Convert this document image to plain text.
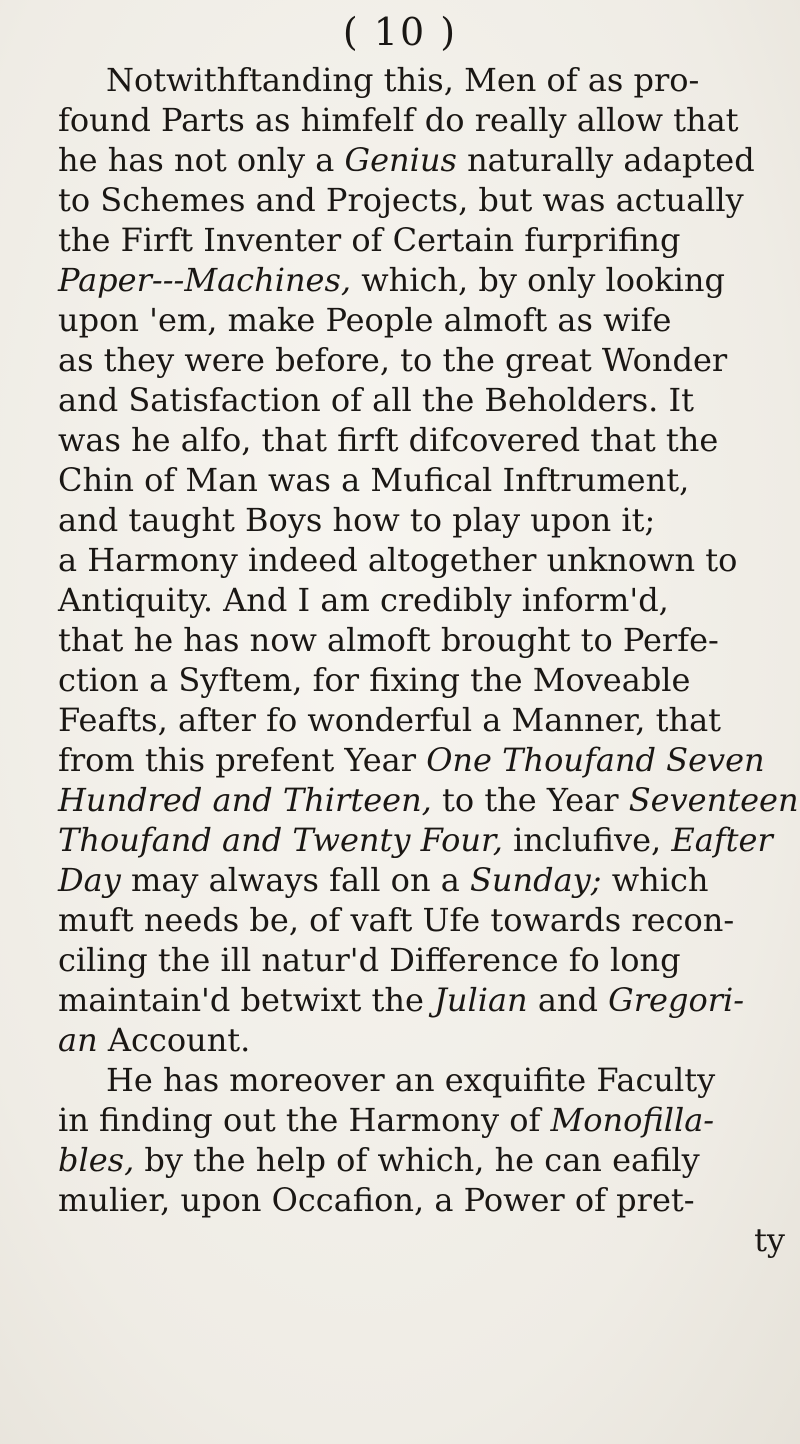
( 10 )
Notwithftanding this, Men of as pro-
found Parts as himfelf do really allow that
he has not only a Genius naturally adapted
to Schemes and Projects, but was actually
the Firft Inventer of Certain furprifing
Paper---Machines, which, by only looking
upon 'em, make People almoft as wife
as they were before, to the great Wonder
and Satisfaction of all the Beholders. It
was he alfo, that firft difcovered that the
Chin of Man was a Mufical Inftrument,
and taught Boys how to play upon it;
a Harmony indeed altogether unknown to
Antiquity. And I am credibly inform'd,
that he has now almoft brought to Perfe-
ction a Syftem, for fixing the Moveable
Feafts, after fo wonderful a Manner, that
from this prefent Year One Thoufand Seven
Hundred and Thirteen, to the Year Seventeen
Thoufand and Twenty Four, inclufive, Eafter
Day may always fall on a Sunday; which
muft needs be, of vaft Ufe towards recon-
ciling the ill natur'd Difference fo long
maintain'd betwixt the Julian and Gregori-
an Account.
He has moreover an exquifite Faculty
in finding out the Harmony of Monofilla-
bles, by the help of which, he can eafily
mulier, upon Occafion, a Power of pret-
ty
